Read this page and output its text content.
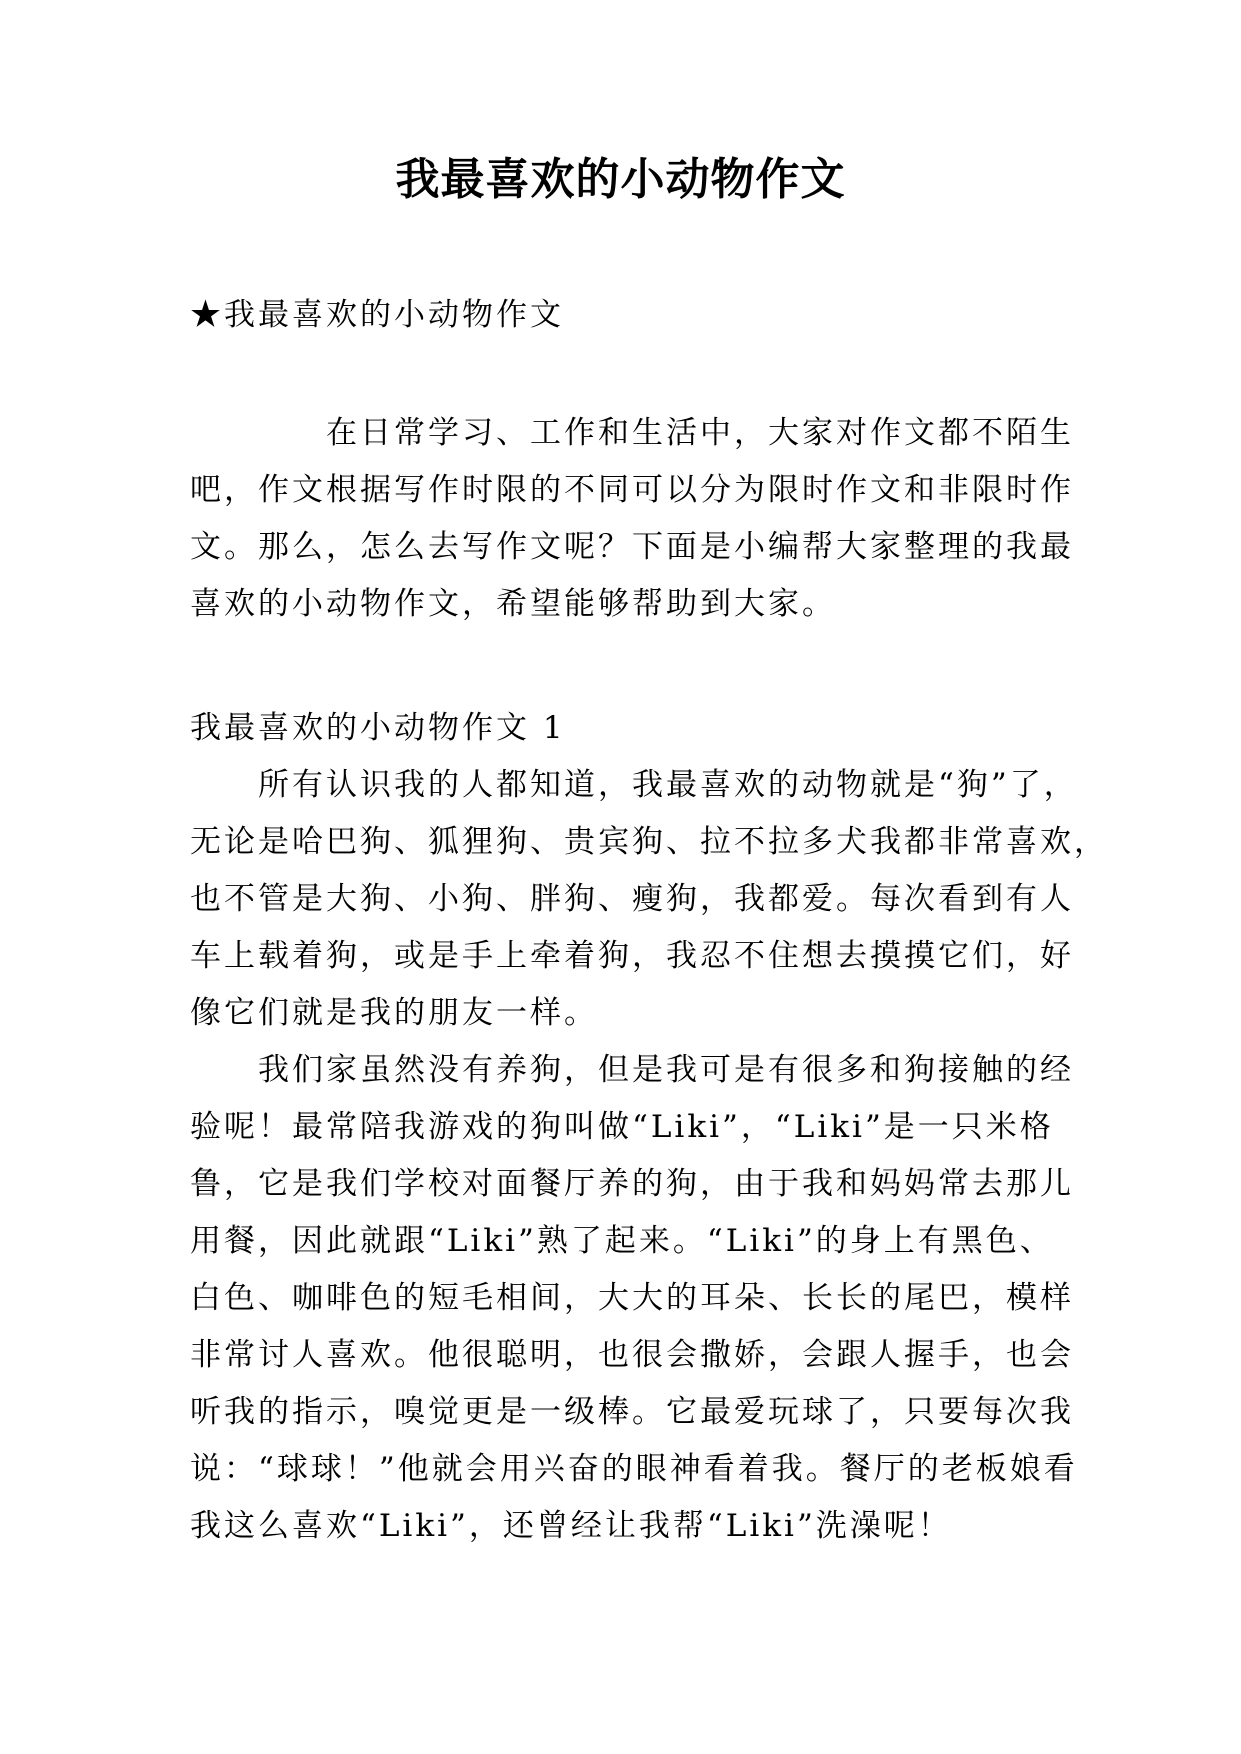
我最喜欢的小动物作文
★我最喜欢的小动物作文
　　　　在日常学习、工作和生活中，大家对作文都不陌生
吧，作文根据写作时限的不同可以分为限时作文和非限时作
文。那么，怎么去写作文呢？下面是小编帮大家整理的我最
喜欢的小动物作文，希望能够帮助到大家。
我最喜欢的小动物作文 1
　　所有认识我的人都知道，我最喜欢的动物就是“狗”了，
无论是哈巴狗、狐狸狗、贵宾狗、拉不拉多犬我都非常喜欢，
也不管是大狗、小狗、胖狗、瘦狗，我都爱。每次看到有人
车上载着狗，或是手上牵着狗，我忍不住想去摸摸它们，好
像它们就是我的朋友一样。
　　我们家虽然没有养狗，但是我可是有很多和狗接触的经
验呢！最常陪我游戏的狗叫做“Liki”，“Liki”是一只米格
鲁，它是我们学校对面餐厅养的狗，由于我和妈妈常去那儿
用餐，因此就跟“Liki”熟了起来。“Liki”的身上有黑色、
白色、咖啡色的短毛相间，大大的耳朵、长长的尾巴，模样
非常讨人喜欢。他很聪明，也很会撒娇，会跟人握手，也会
听我的指示，嗅觉更是一级棒。它最爱玩球了，只要每次我
说：“球球！”他就会用兴奋的眼神看着我。餐厅的老板娘看
我这么喜欢“Liki”，还曾经让我帮“Liki”洗澡呢！
